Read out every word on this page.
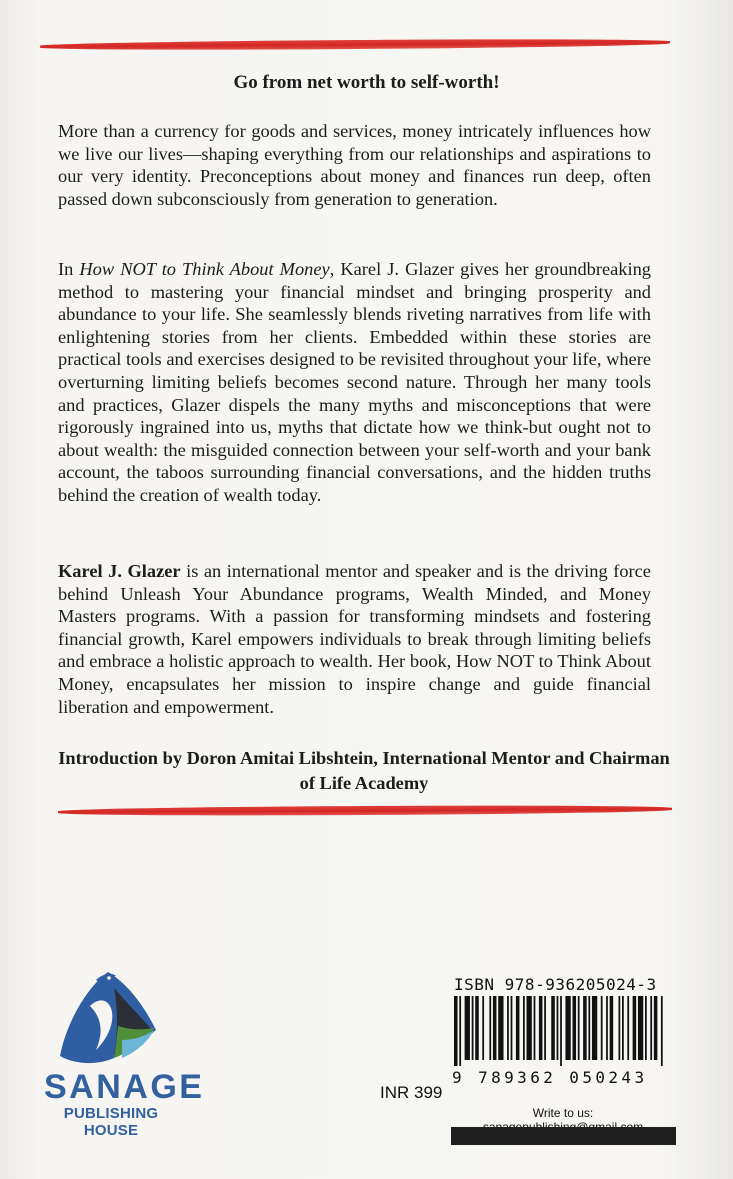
Go from net worth to self-worth!
More than a currency for goods and services, money intricately influences how we live our lives—shaping everything from our relationships and aspirations to our very identity. Preconceptions about money and finances run deep, often passed down subconsciously from generation to generation.
In How NOT to Think About Money, Karel J. Glazer gives her groundbreaking method to mastering your financial mindset and bringing prosperity and abundance to your life. She seamlessly blends riveting narratives from life with enlightening stories from her clients. Embedded within these stories are practical tools and exercises designed to be revisited throughout your life, where overturning limiting beliefs becomes second nature. Through her many tools and practices, Glazer dispels the many myths and misconceptions that were rigorously ingrained into us, myths that dictate how we think-but ought not to about wealth: the misguided connection between your self-worth and your bank account, the taboos surrounding financial conversations, and the hidden truths behind the creation of wealth today.
Karel J. Glazer is an international mentor and speaker and is the driving force behind Unleash Your Abundance programs, Wealth Minded, and Money Masters programs. With a passion for transforming mindsets and fostering financial growth, Karel empowers individuals to break through limiting beliefs and embrace a holistic approach to wealth. Her book, How NOT to Think About Money, encapsulates her mission to inspire change and guide financial liberation and empowerment.
Introduction by Doron Amitai Libshtein, International Mentor and Chairman of Life Academy
SANAGE
PUBLISHING HOUSE
ISBN 978-936205024-3
9 789362 050243
INR 399
Write to us:
